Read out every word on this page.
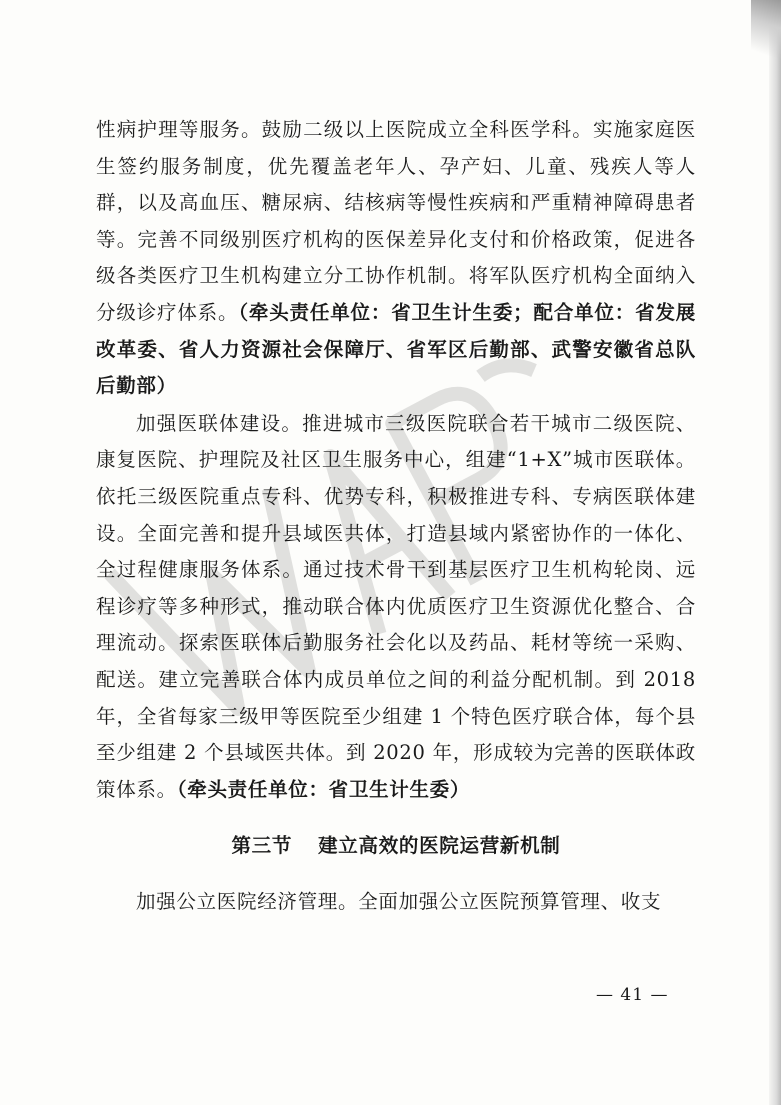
性病护理等服务。鼓励二级以上医院成立全科医学科。实施家庭医生签约服务制度，优先覆盖老年人、孕产妇、儿童、残疾人等人群，以及高血压、糖尿病、结核病等慢性疾病和严重精神障碍患者等。完善不同级别医疗机构的医保差异化支付和价格政策，促进各级各类医疗卫生机构建立分工协作机制。将军队医疗机构全面纳入分级诊疗体系。（牵头责任单位：省卫生计生委；配合单位：省发展改革委、省人力资源社会保障厅、省军区后勤部、武警安徽省总队后勤部）

加强医联体建设。推进城市三级医院联合若干城市二级医院、康复医院、护理院及社区卫生服务中心，组建“1+X”城市医联体。依托三级医院重点专科、优势专科，积极推进专科、专病医联体建设。全面完善和提升县域医共体，打造县域内紧密协作的一体化、全过程健康服务体系。通过技术骨干到基层医疗卫生机构轮岗、远程诊疗等多种形式，推动联合体内优质医疗卫生资源优化整合、合理流动。探索医联体后勤服务社会化以及药品、耗材等统一采购、配送。建立完善联合体内成员单位之间的利益分配机制。到 2018 年，全省每家三级甲等医院至少组建 1 个特色医疗联合体，每个县至少组建 2 个县域医共体。到 2020 年，形成较为完善的医联体政策体系。（牵头责任单位：省卫生计生委）

第三节 建立高效的医院运营新机制

加强公立医院经济管理。全面加强公立医院预算管理、收支

— 41 —
